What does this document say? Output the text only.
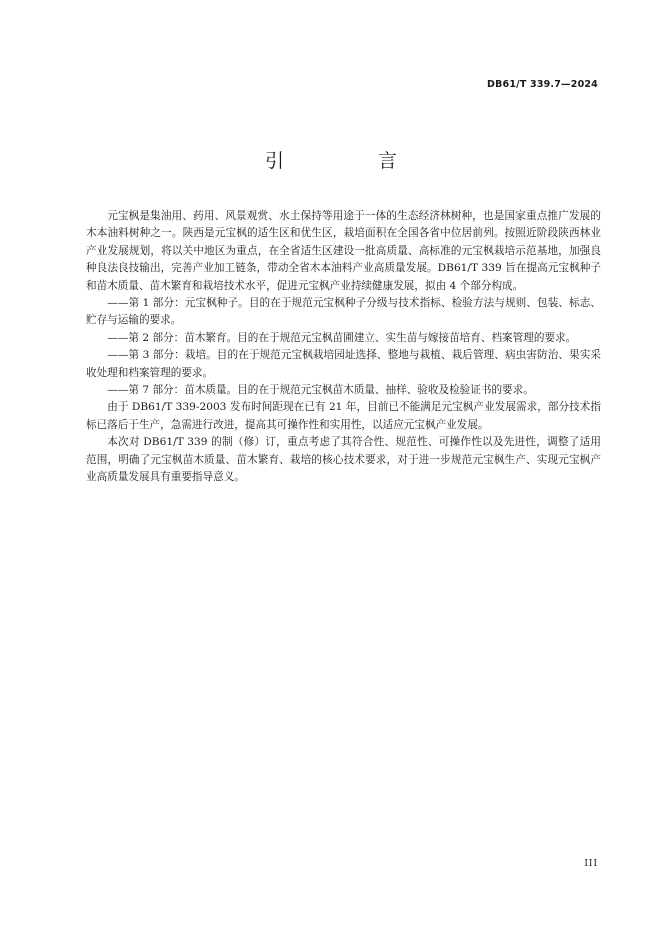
DB61/T 339.7—2024
引 言

元宝枫是集油用、药用、风景观赏、水土保持等用途于一体的生态经济林树种，也是国家重点推广发展的木本油料树种之一。陕西是元宝枫的适生区和优生区，栽培面积在全国各省中位居前列。按照近阶段陕西林业产业发展规划，将以关中地区为重点，在全省适生区建设一批高质量、高标准的元宝枫栽培示范基地，加强良种良法良技输出，完善产业加工链条，带动全省木本油料产业高质量发展。DB61/T 339 旨在提高元宝枫种子和苗木质量、苗木繁育和栽培技术水平，促进元宝枫产业持续健康发展，拟由 4 个部分构成。

——第 1 部分：元宝枫种子。目的在于规范元宝枫种子分级与技术指标、检验方法与规则、包装、标志、贮存与运输的要求。

——第 2 部分：苗木繁育。目的在于规范元宝枫苗圃建立、实生苗与嫁接苗培育、档案管理的要求。

——第 3 部分：栽培。目的在于规范元宝枫栽培园址选择、整地与栽植、栽后管理、病虫害防治、果实采收处理和档案管理的要求。

——第 7 部分：苗木质量。目的在于规范元宝枫苗木质量、抽样、验收及检验证书的要求。

由于 DB61/T 339-2003 发布时间距现在已有 21 年，目前已不能满足元宝枫产业发展需求，部分技术指标已落后于生产，急需进行改进，提高其可操作性和实用性，以适应元宝枫产业发展。

本次对 DB61/T 339 的制（修）订，重点考虑了其符合性、规范性、可操作性以及先进性，调整了适用范围，明确了元宝枫苗木质量、苗木繁育、栽培的核心技术要求，对于进一步规范元宝枫生产、实现元宝枫产业高质量发展具有重要指导意义。

III
